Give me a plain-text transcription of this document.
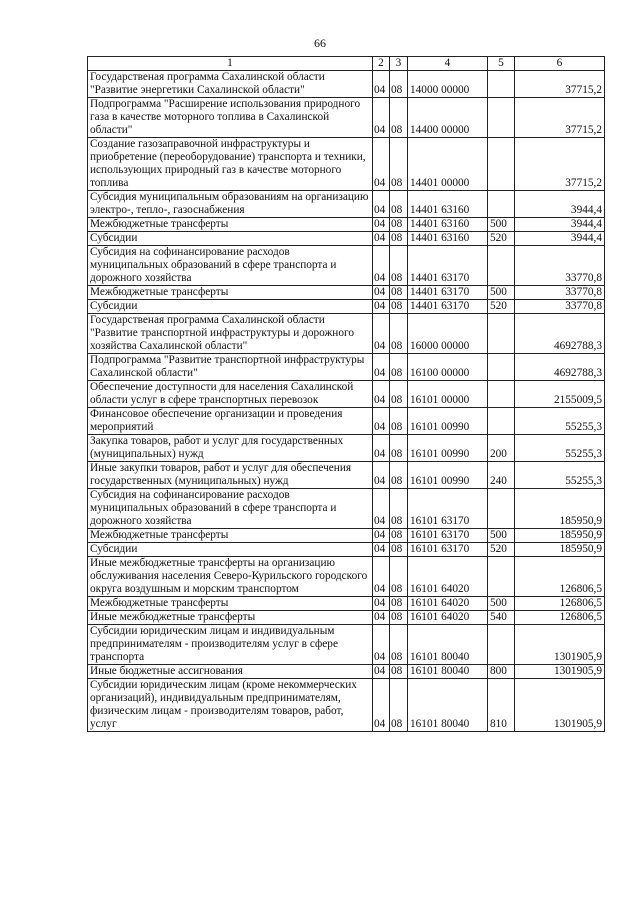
66
1	2	3	4	5	6
Государственая программа Сахалинской области "Развитие энергетики Сахалинской области"	04	08	14000 00000		37715,2
Подпрограмма "Расширение использования природного газа в качестве моторного топлива в Сахалинской области"	04	08	14400 00000		37715,2
Создание газозаправочной инфраструктуры и приобретение (переоборудование) транспорта и техники, использующих природный газ в качестве моторного топлива	04	08	14401 00000		37715,2
Субсидия муниципальным образованиям на организацию электро-, тепло-, газоснабжения	04	08	14401 63160		3944,4
Межбюджетные трансферты	04	08	14401 63160	500	3944,4
Субсидии	04	08	14401 63160	520	3944,4
Субсидия на софинансирование расходов муниципальных образований в сфере транспорта и дорожного хозяйства	04	08	14401 63170		33770,8
Межбюджетные трансферты	04	08	14401 63170	500	33770,8
Субсидии	04	08	14401 63170	520	33770,8
Государственая программа Сахалинской области "Развитие транспортной инфраструктуры и дорожного хозяйства Сахалинской области"	04	08	16000 00000		4692788,3
Подпрограмма "Развитие транспортной инфраструктуры Сахалинской области"	04	08	16100 00000		4692788,3
Обеспечение доступности для населения Сахалинской области услуг в сфере транспортных перевозок	04	08	16101 00000		2155009,5
Финансовое обеспечение организации и проведения мероприятий	04	08	16101 00990		55255,3
Закупка товаров, работ и услуг для государственных (муниципальных) нужд	04	08	16101 00990	200	55255,3
Иные закупки товаров, работ и услуг для обеспечения государственных (муниципальных) нужд	04	08	16101 00990	240	55255,3
Субсидия на софинансирование расходов муниципальных образований в сфере транспорта и дорожного хозяйства	04	08	16101 63170		185950,9
Межбюджетные трансферты	04	08	16101 63170	500	185950,9
Субсидии	04	08	16101 63170	520	185950,9
Иные межбюджетные трансферты на организацию обслуживания населения Северо-Курильского городского округа воздушным и морским транспортом	04	08	16101 64020		126806,5
Межбюджетные трансферты	04	08	16101 64020	500	126806,5
Иные межбюджетные трансферты	04	08	16101 64020	540	126806,5
Субсидии юридическим лицам и индивидуальным предпринимателям - производителям услуг в сфере транспорта	04	08	16101 80040		1301905,9
Иные бюджетные ассигнования	04	08	16101 80040	800	1301905,9
Субсидии юридическим лицам (кроме некоммерческих организаций), индивидуальным предпринимателям, физическим лицам - производителям товаров, работ, услуг	04	08	16101 80040	810	1301905,9
